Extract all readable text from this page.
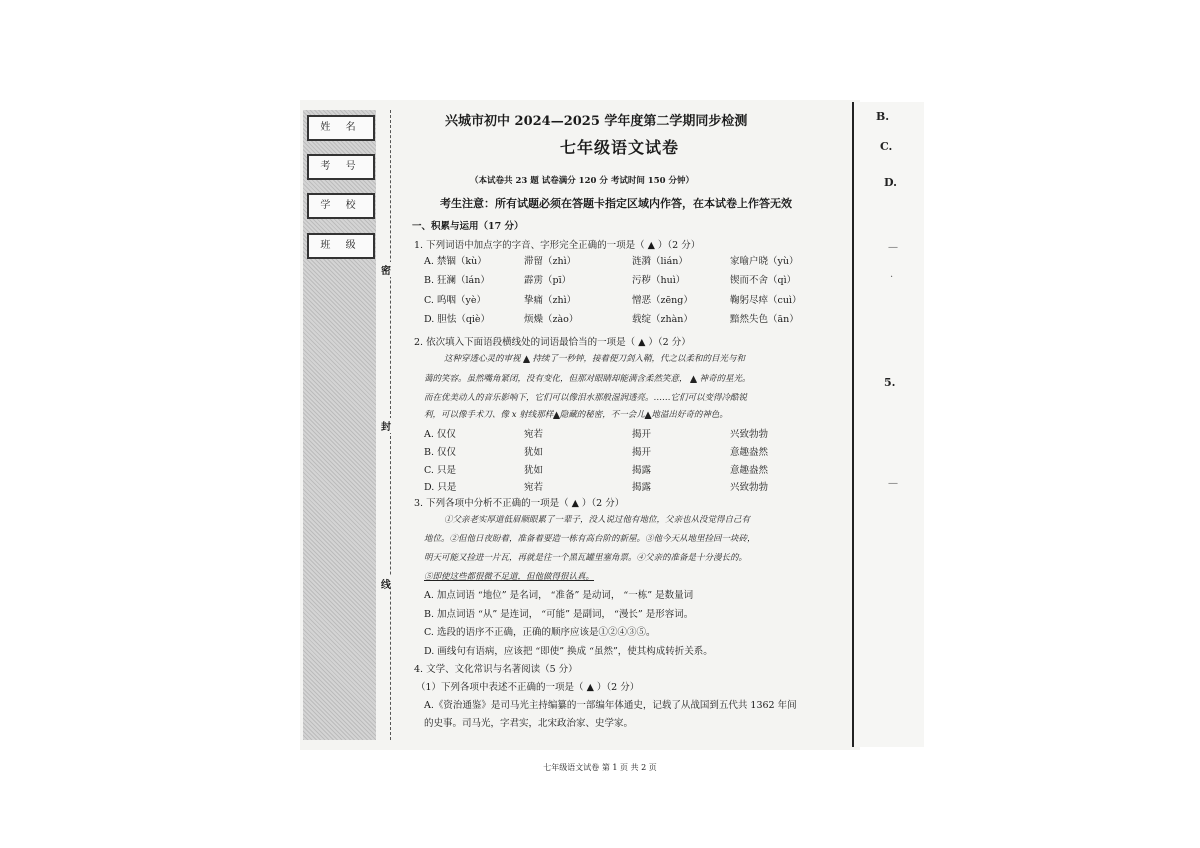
B.
C.
D.
5.
—
·
—
姓 名
考 号
学 校
班 级
密
封
线
兴城市初中 2024—2025 学年度第二学期同步检测
七年级语文试卷
（本试卷共 23 题 试卷满分 120 分 考试时间 150 分钟）
考生注意：所有试题必须在答题卡指定区域内作答，在本试卷上作答无效
一、积累与运用（17 分）
1. 下列词语中加点字的字音、字形完全正确的一项是（ ▲ ）（2 分）
A. 禁锢（kù）	滞留（zhì）	涟漪（lián）	家喻户晓（yù）
B. 狂澜（lán）	霹雳（pī）	污秽（huì）	锲而不舍（qì）
C. 呜咽（yè）	挚痛（zhì）	憎恶（zēng）	鞠躬尽瘁（cuì）
D. 胆怯（qiè）	烦燥（zào）	载绽（zhàn）	黯然失色（ān）
2. 依次填入下面语段横线处的词语最恰当的一项是（ ▲ ）（2 分）
这种穿透心灵的审视 ▲ 持续了一秒钟，接着便刀剑入鞘，代之以柔和的目光与和
蔼的笑容。虽然嘴角紧闭，没有变化，但那对眼睛却能满含柔然笑意， ▲ 神奇的星光。
而在优美动人的音乐影响下，它们可以像泪水那般湿润透亮。……它们可以变得冷酷锐
利，可以像手术刀、像 x 射线那样▲隐藏的秘密，不一会儿▲地溢出好奇的神色。
A. 仅仅	宛若	揭开	兴致勃勃
B. 仅仅	犹如	揭开	意趣盎然
C. 只是	犹如	揭露	意趣盎然
D. 只是	宛若	揭露	兴致勃勃
3. 下列各项中分析不正确的一项是（ ▲ ）（2 分）
①父亲老实厚道低眉顺眼累了一辈子，没人说过他有地位，父亲也从没觉得自己有
地位。②但他日夜盼着，准备着要造一栋有高台阶的新屋。③他今天从地里捡回一块砖，
明天可能又捡进一片瓦，再就是往一个黑瓦罐里塞角票。④父亲的准备是十分漫长的。
⑤即使这些都很微不足道，但他做得很认真。
A. 加点词语 “地位” 是名词， “准备” 是动词， “一栋” 是数量词
B. 加点词语 “从” 是连词， “可能” 是副词， “漫长” 是形容词。
C. 选段的语序不正确，正确的顺序应该是①②④③⑤。
D. 画线句有语病，应该把 “即使” 换成 “虽然”，使其构成转折关系。
4. 文学、文化常识与名著阅读（5 分）
（1）下列各项中表述不正确的一项是（ ▲ ）（2 分）
A.《资治通鉴》是司马光主持编纂的一部编年体通史，记载了从战国到五代共 1362 年间
的史事。司马光，字君实，北宋政治家、史学家。
七年级语文试卷 第 1 页 共 2 页
